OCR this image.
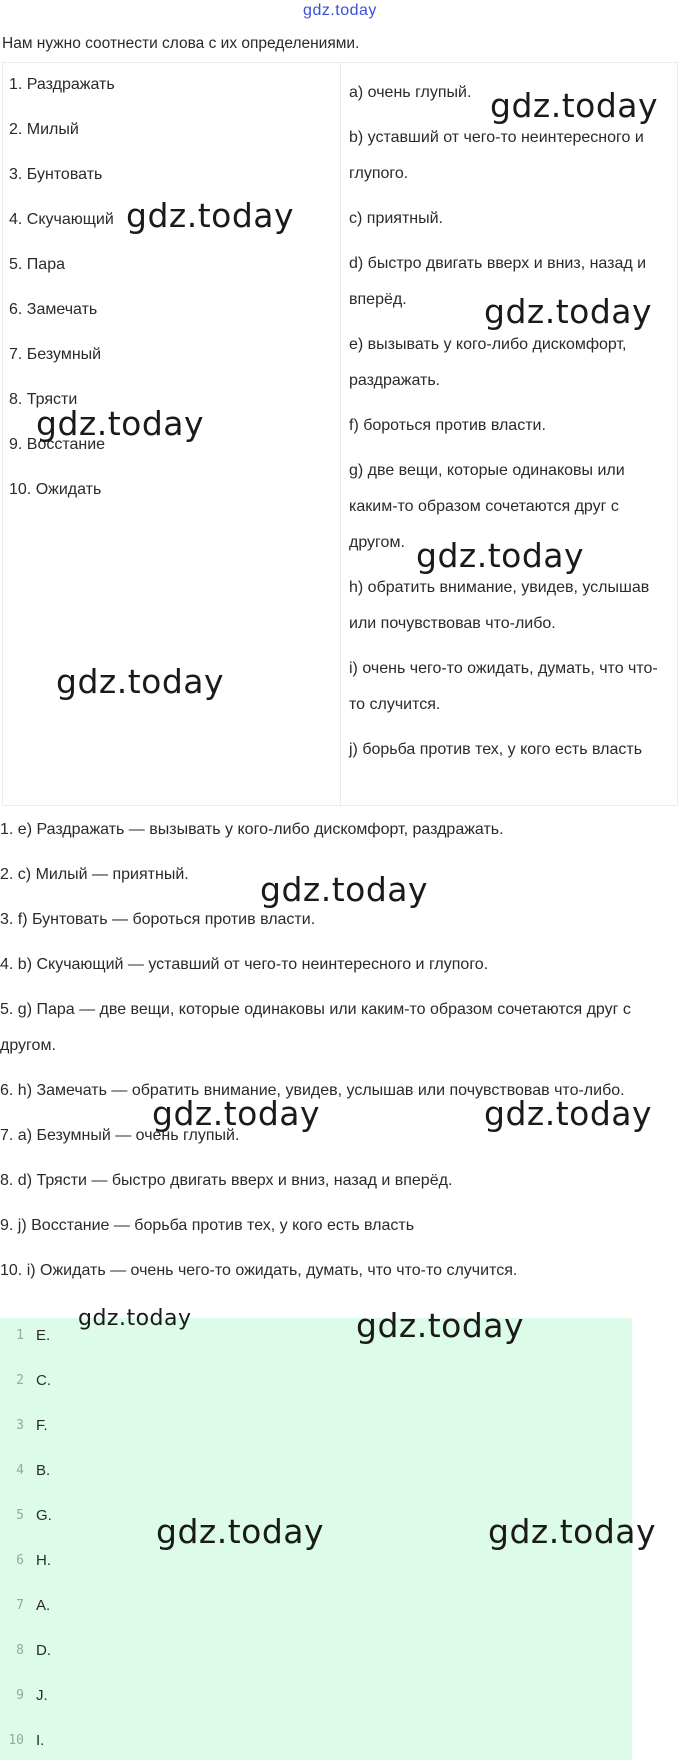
gdz.today
Нам нужно соотнести слова с их определениями.

1. Раздражать

2. Милый

3. Бунтовать

4. Скучающий

5. Пара

6. Замечать

7. Безумный

8. Трясти

9. Восстание

10. Ожидать

a) очень глупый.

b) уставший от чего-то неинтересного и глупого.

c) приятный.

d) быстро двигать вверх и вниз, назад и вперёд.

e) вызывать у кого-либо дискомфорт, раздражать.

f) бороться против власти.

g) две вещи, которые одинаковы или каким-то образом сочетаются друг с другом.

h) обратить внимание, увидев, услышав или почувствовав что-либо.

i) очень чего-то ожидать, думать, что что-то случится.

j) борьба против тех, у кого есть власть

1. e) Раздражать — вызывать у кого-либо дискомфорт, раздражать.

2. c) Милый — приятный.

3. f) Бунтовать — бороться против власти.

4. b) Скучающий — уставший от чего-то неинтересного и глупого.

5. g) Пара — две вещи, которые одинаковы или каким-то образом сочетаются друг с другом.

6. h) Замечать — обратить внимание, увидев, услышав или почувствовав что-либо.

7. a) Безумный — очень глупый.

8. d) Трясти — быстро двигать вверх и вниз, назад и вперёд.

9. j) Восстание — борьба против тех, у кого есть власть

10. i) Ожидать — очень чего-то ожидать, думать, что что-то случится.

1 E.
2 C.
3 F.
4 B.
5 G.
6 H.
7 A.
8 D.
9 J.
10 I.
gdz.today
gdz.today
gdz.today
gdz.today
gdz.today
gdz.today
gdz.today
gdz.today	gdz.today
gdz.today	gdz.today
gdz.today	gdz.today
